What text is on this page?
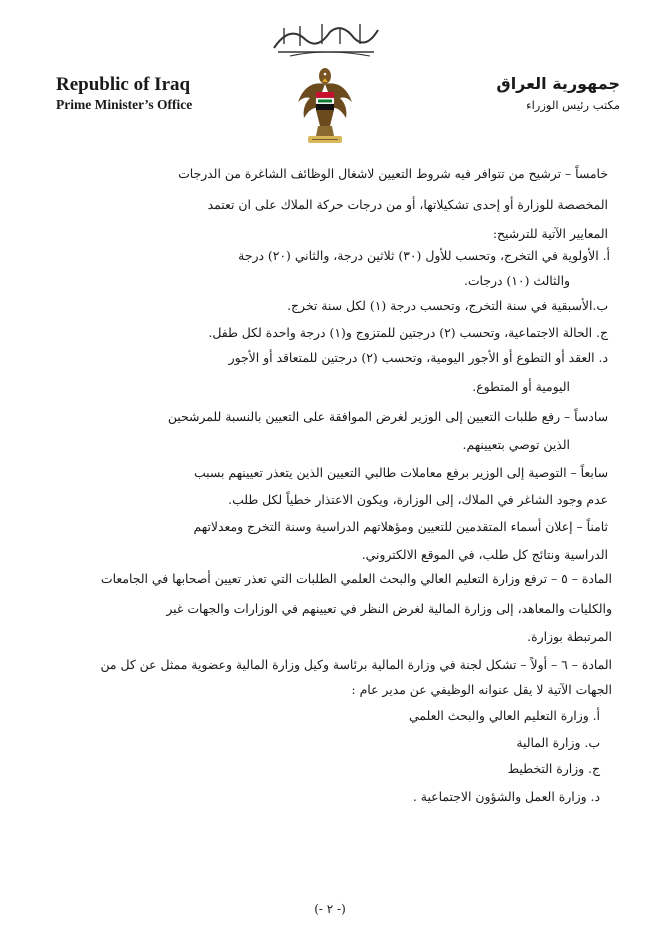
Republic of Iraq
Prime Minister’s Office
جمهورية العراق
مكتب رئيس الوزراء
خامساً – ترشيح من تتوافر فيه شروط التعيين لاشغال الوظائف الشاغرة من الدرجات
المخصصة للوزارة أو إحدى تشكيلاتها، أو من درجات حركة الملاك على ان تعتمد
المعايير الآتية للترشيح:
أ. الأولوية في التخرج، وتحسب للأول (٣٠) ثلاثين درجة، والثاني (٢٠) درجة
والثالث (١٠) درجات.
ب.الأسبقية في سنة التخرج، وتحسب درجة (١) لكل سنة تخرج.
ج. الحالة الاجتماعية، وتحسب (٢) درجتين للمتزوج و(١) درجة واحدة لكل طفل.
د. العقد أو التطوع أو الأجور اليومية، وتحسب (٢) درجتين للمتعاقد أو الأجور
اليومية أو المتطوع.
سادساً – رفع طلبات التعيين إلى الوزير لغرض الموافقة على التعيين بالنسبة للمرشحين
الذين توصي بتعيينهم.
سابعاً – التوصية إلى الوزير برفع معاملات طالبي التعيين الذين يتعذر تعيينهم بسبب
عدم وجود الشاغر في الملاك، إلى الوزارة، ويكون الاعتذار خطياً لكل طلب.
ثامناً – إعلان أسماء المتقدمين للتعيين ومؤهلاتهم الدراسية وسنة التخرج ومعدلاتهم
الدراسية ونتائج كل طلب، في الموقع الالكتروني.
المادة – ٥ – ترفع وزارة التعليم العالي والبحث العلمي الطلبات التي تعذر تعيين أصحابها في الجامعات
والكليات والمعاهد، إلى وزارة المالية لغرض النظر في تعيينهم في الوزارات والجهات غير
المرتبطة بوزارة.
المادة – ٦ – أولاً – تشكل لجنة في وزارة المالية برئاسة وكيل وزارة المالية وعضوية ممثل عن كل من
الجهات الآتية لا يقل عنوانه الوظيفي عن مدير عام :
أ. وزارة التعليم العالي والبحث العلمي
ب. وزارة المالية
ج. وزارة التخطيط
د. وزارة العمل والشؤون الاجتماعية .
(- ٢ -)
